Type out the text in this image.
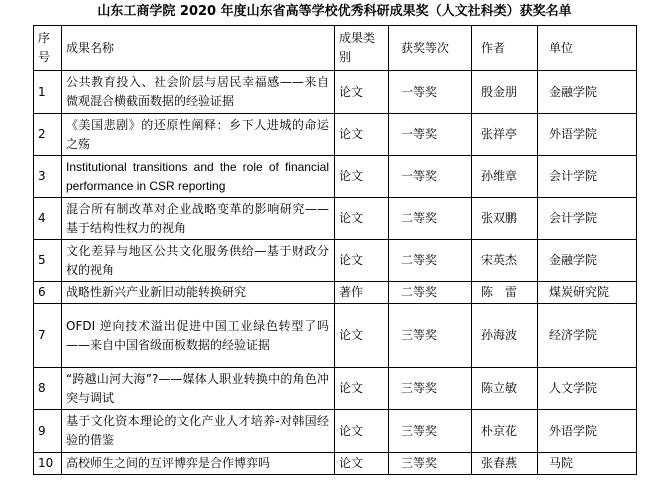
山东工商学院 2020 年度山东省高等学校优秀科研成果奖（人文社科类）获奖名单
序号	成果名称	成果类别	获奖等次	作者	单位
1	公共教育投入、社会阶层与居民幸福感——来自微观混合横截面数据的经验证据	论文	一等奖	殷金朋	金融学院
2	《美国悲剧》的还原性阐释：乡下人进城的命运之殇	论文	一等奖	张祥亭	外语学院
3	Institutional transitions and the role of financial performance in CSR reporting	论文	一等奖	孙维章	会计学院
4	混合所有制改革对企业战略变革的影响研究——基于结构性权力的视角	论文	二等奖	张双鹏	会计学院
5	文化差异与地区公共文化服务供给—基于财政分权的视角	论文	二等奖	宋英杰	金融学院
6	战略性新兴产业新旧动能转换研究	著作	二等奖	陈　雷	煤炭研究院
7	OFDI 逆向技术溢出促进中国工业绿色转型了吗——来自中国省级面板数据的经验证据	论文	三等奖	孙海波	经济学院
8	“跨越山河大海”?——媒体人职业转换中的角色冲突与调试	论文	三等奖	陈立敏	人文学院
9	基于文化资本理论的文化产业人才培养-对韩国经验的借鉴	论文	三等奖	朴京花	外语学院
10	高校师生之间的互评博弈是合作博弈吗	论文	三等奖	张春燕	马院
